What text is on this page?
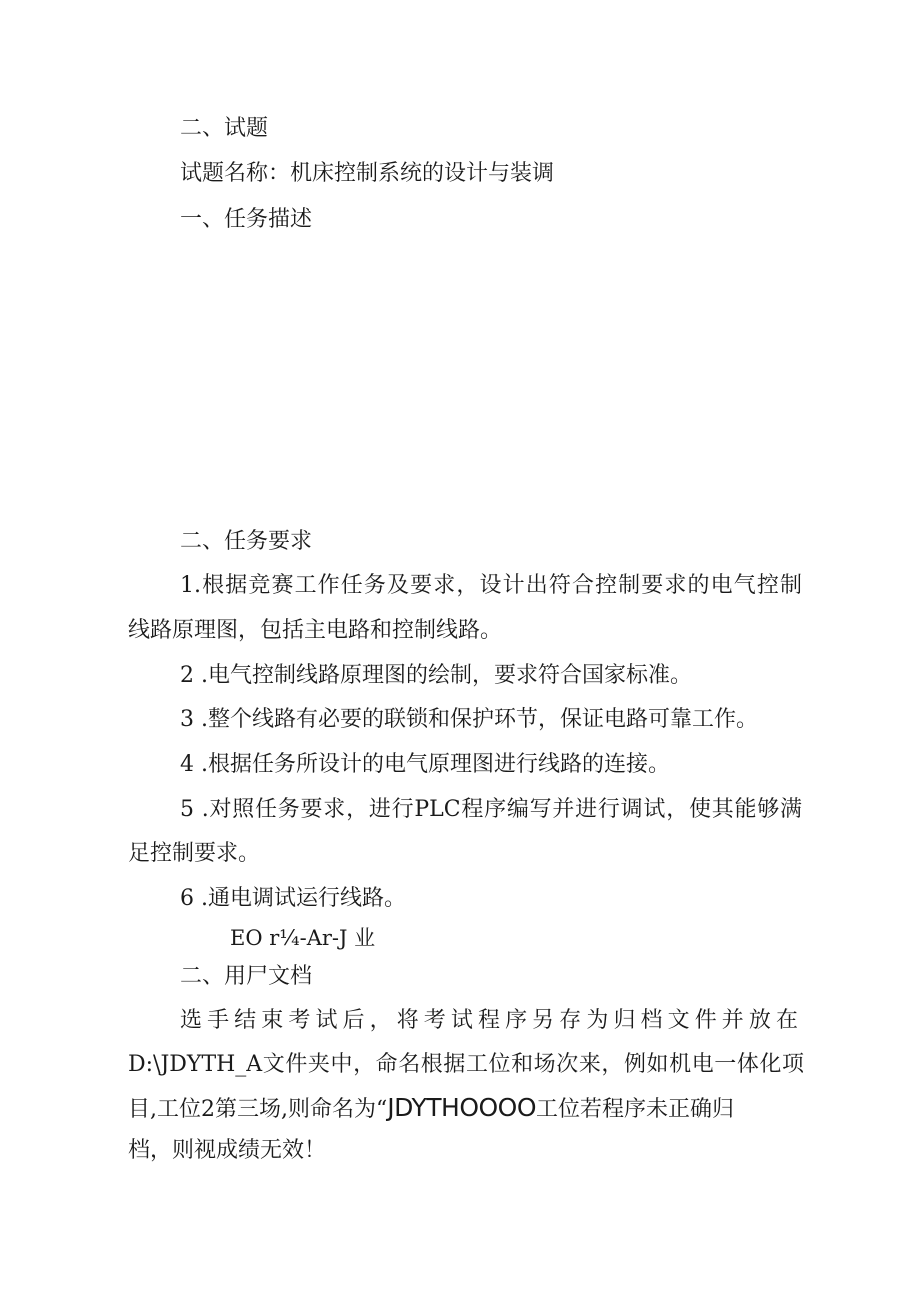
二、试题
试题名称：机床控制系统的设计与装调
一、任务描述
二、任务要求
1.根据竞赛工作任务及要求，设计出符合控制要求的电气控制
线路原理图，包括主电路和控制线路。
2 .电气控制线路原理图的绘制，要求符合国家标准。
3 .整个线路有必要的联锁和保护环节，保证电路可靠工作。
4 .根据任务所设计的电气原理图进行线路的连接。
5 .对照任务要求，进行PLC程序编写并进行调试，使其能够满
足控制要求。
6 .通电调试运行线路。
EO r¼-Ar-J 业
二、用尸文档
选手结束考试后，将考试程序另存为归档文件并放在
D:\JDYTH_A文件夹中，命名根据工位和场次来，例如机电一体化项
目,工位2第三场,则命名为“ JDYTHOOOO 工位若程序未正确归
档，则视成绩无效！
